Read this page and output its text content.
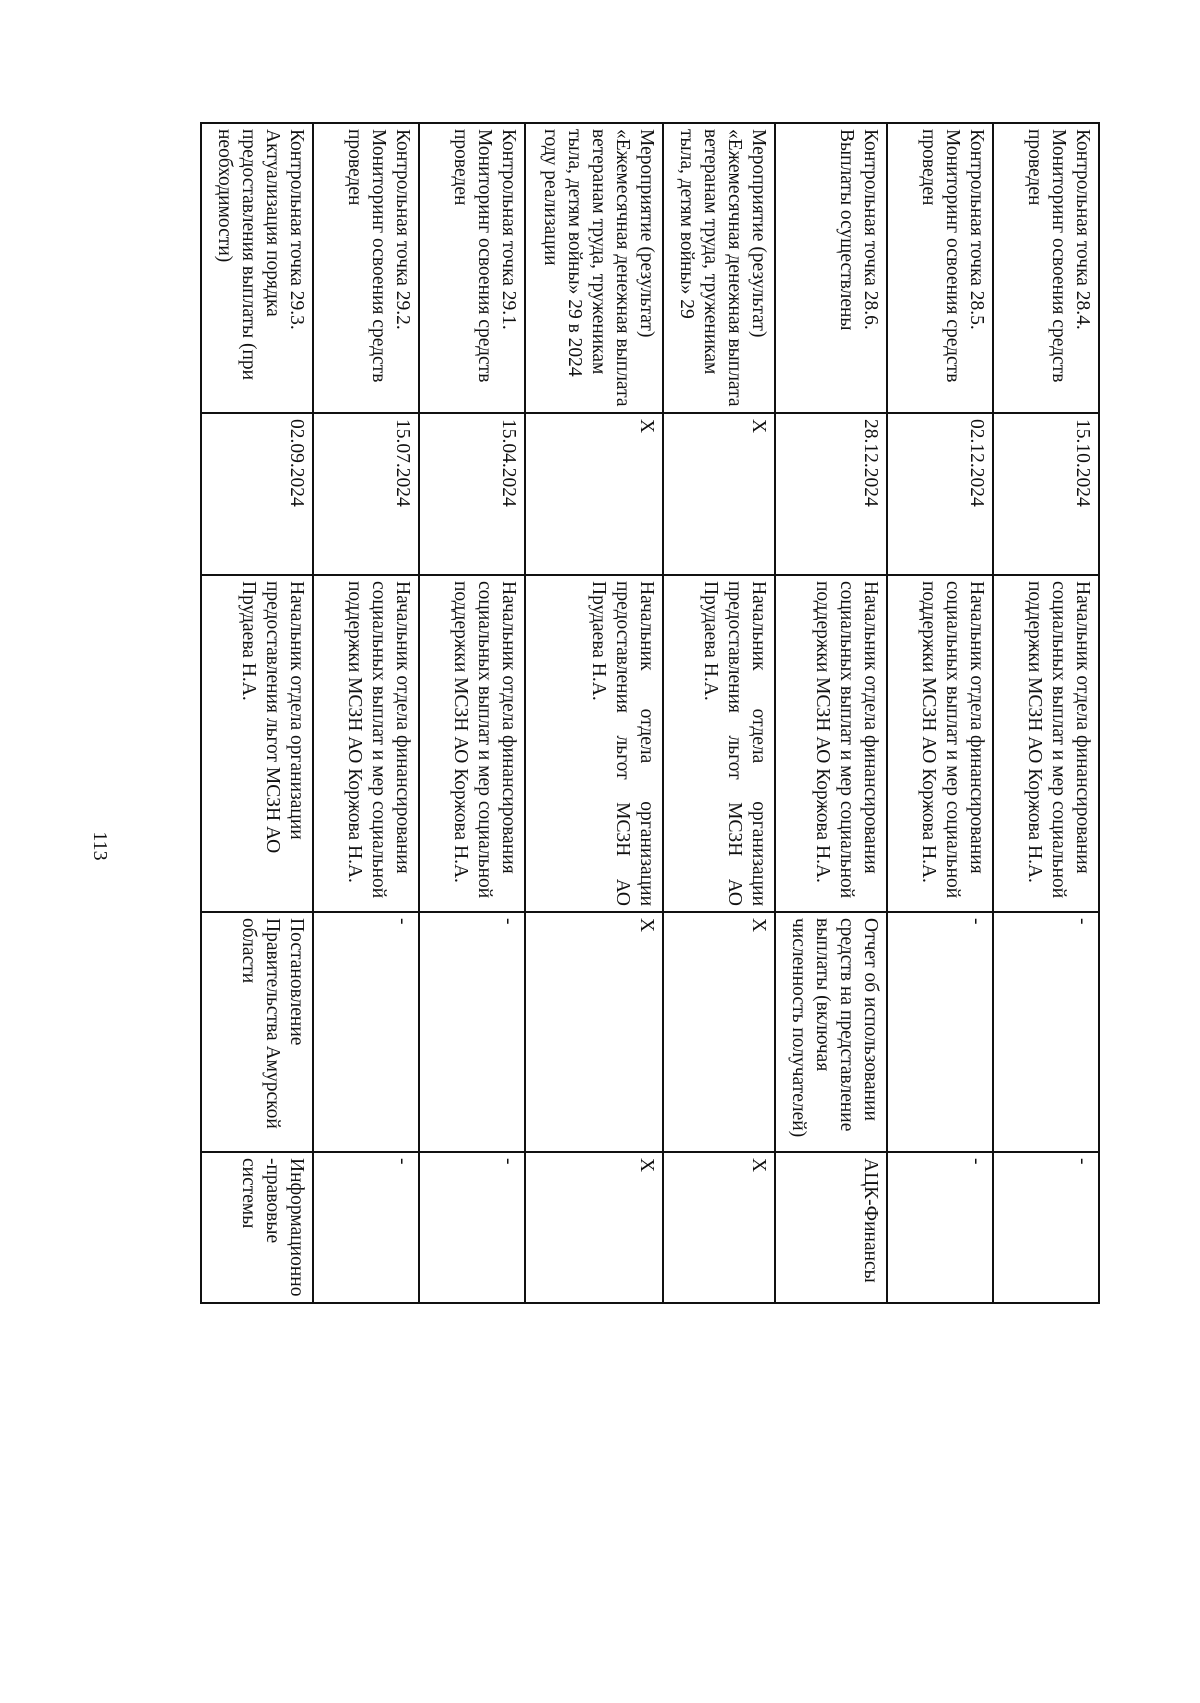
113
Контрольная точка 28.4. Мониторинг освоения средств проведен	15.10.2024	Начальник отдела финансирования социальных выплат и мер социальной поддержки МСЗН АО Коржова Н.А.	-	-
Контрольная точка 28.5. Мониторинг освоения средств проведен	02.12.2024	Начальник отдела финансирования социальных выплат и мер социальной поддержки МСЗН АО Коржова Н.А.	-	-
Контрольная точка 28.6. Выплаты осуществлены	28.12.2024	Начальник отдела финансирования социальных выплат и мер социальной поддержки МСЗН АО Коржова Н.А.	Отчет об использовании средств на представление выплаты (включая численность получателей)	АЦК-Финансы
Мероприятие (результат) «Ежемесячная денежная выплата ветеранам труда, труженикам тыла, детям войны» 29	Х	Начальник отдела организации предоставления льгот МСЗН АО Прудаева Н.А.	Х	Х
Мероприятие (результат) «Ежемесячная денежная выплата ветеранам труда, труженикам тыла, детям войны» 29 в 2024 году реализации	Х	Начальник отдела организации предоставления льгот МСЗН АО Прудаева Н.А.	Х	Х
Контрольная точка 29.1. Мониторинг освоения средств проведен	15.04.2024	Начальник отдела финансирования социальных выплат и мер социальной поддержки МСЗН АО Коржова Н.А.	-	-
Контрольная точка 29.2. Мониторинг освоения средств проведен	15.07.2024	Начальник отдела финансирования социальных выплат и мер социальной поддержки МСЗН АО Коржова Н.А.	-	-
Контрольная точка 29.3. Актуализация порядка предоставления выплаты (при необходимости)	02.09.2024	Начальник отдела организации предоставления льгот МСЗН АО Прудаева Н.А.	Постановление Правительства Амурской области	Информационно-правовые системы
